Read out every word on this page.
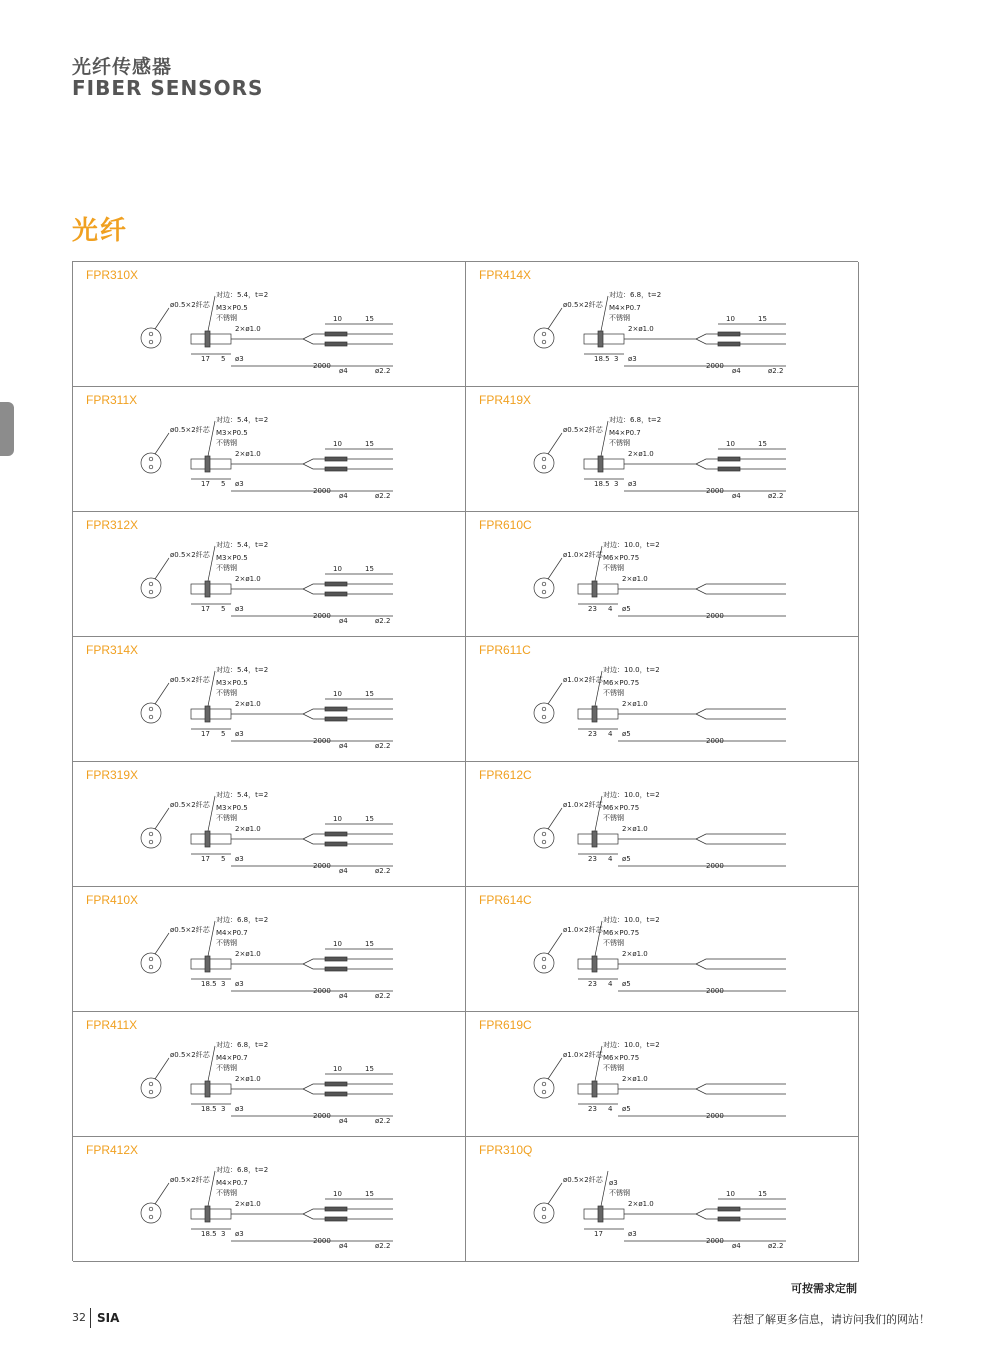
光纤传感器
FIBER SENSORS
光纤
FPR310X
ø0.5×2纤芯
对边：5.4，t=2
M3×P0.5
不锈钢
2×ø1.0
17 5 ø3
2000
10	15
ø4	ø2.2
FPR414X
ø0.5×2纤芯
对边：6.8，t=2
M4×P0.7
不锈钢
2×ø1.0
18.5 3 ø3
2000
10	15
ø4	ø2.2
FPR311X
ø0.5×2纤芯
对边：5.4，t=2
M3×P0.5
不锈钢
2×ø1.0
17 5 ø3
2000
10	15
ø4	ø2.2
FPR419X
ø0.5×2纤芯
对边：6.8，t=2
M4×P0.7
不锈钢
2×ø1.0
18.5 3 ø3
2000
10	15
ø4	ø2.2
FPR312X
ø0.5×2纤芯
对边：5.4，t=2
M3×P0.5
不锈钢
2×ø1.0
17 5 ø3
2000
10	15
ø4	ø2.2
FPR610C
ø1.0×2纤芯
对边：10.0，t=2
M6×P0.75
不锈钢
2×ø1.0
23 4 ø5
2000
FPR314X
ø0.5×2纤芯
对边：5.4，t=2
M3×P0.5
不锈钢
2×ø1.0
17 5 ø3
2000
10	15
ø4	ø2.2
FPR611C
ø1.0×2纤芯
对边：10.0，t=2
M6×P0.75
不锈钢
2×ø1.0
23 4 ø5
2000
FPR319X
ø0.5×2纤芯
对边：5.4，t=2
M3×P0.5
不锈钢
2×ø1.0
17 5 ø3
2000
10	15
ø4	ø2.2
FPR612C
ø1.0×2纤芯
对边：10.0，t=2
M6×P0.75
不锈钢
2×ø1.0
23 4 ø5
2000
FPR410X
ø0.5×2纤芯
对边：6.8，t=2
M4×P0.7
不锈钢
2×ø1.0
18.5 3 ø3
2000
10	15
ø4	ø2.2
FPR614C
ø1.0×2纤芯
对边：10.0，t=2
M6×P0.75
不锈钢
2×ø1.0
23 4 ø5
2000
FPR411X
ø0.5×2纤芯
对边：6.8，t=2
M4×P0.7
不锈钢
2×ø1.0
18.5 3 ø3
2000
10	15
ø4	ø2.2
FPR619C
ø1.0×2纤芯
对边：10.0，t=2
M6×P0.75
不锈钢
2×ø1.0
23 4 ø5
2000
FPR412X
ø0.5×2纤芯
对边：6.8，t=2
M4×P0.7
不锈钢
2×ø1.0
18.5 3 ø3
2000
10	15
ø4	ø2.2
FPR310Q
ø0.5×2纤芯 ø3
不锈钢
2×ø1.0
17	ø3
2000
10	15
ø4	ø2.2
可按需求定制
32 SIA	若想了解更多信息，请访问我们的网站！
